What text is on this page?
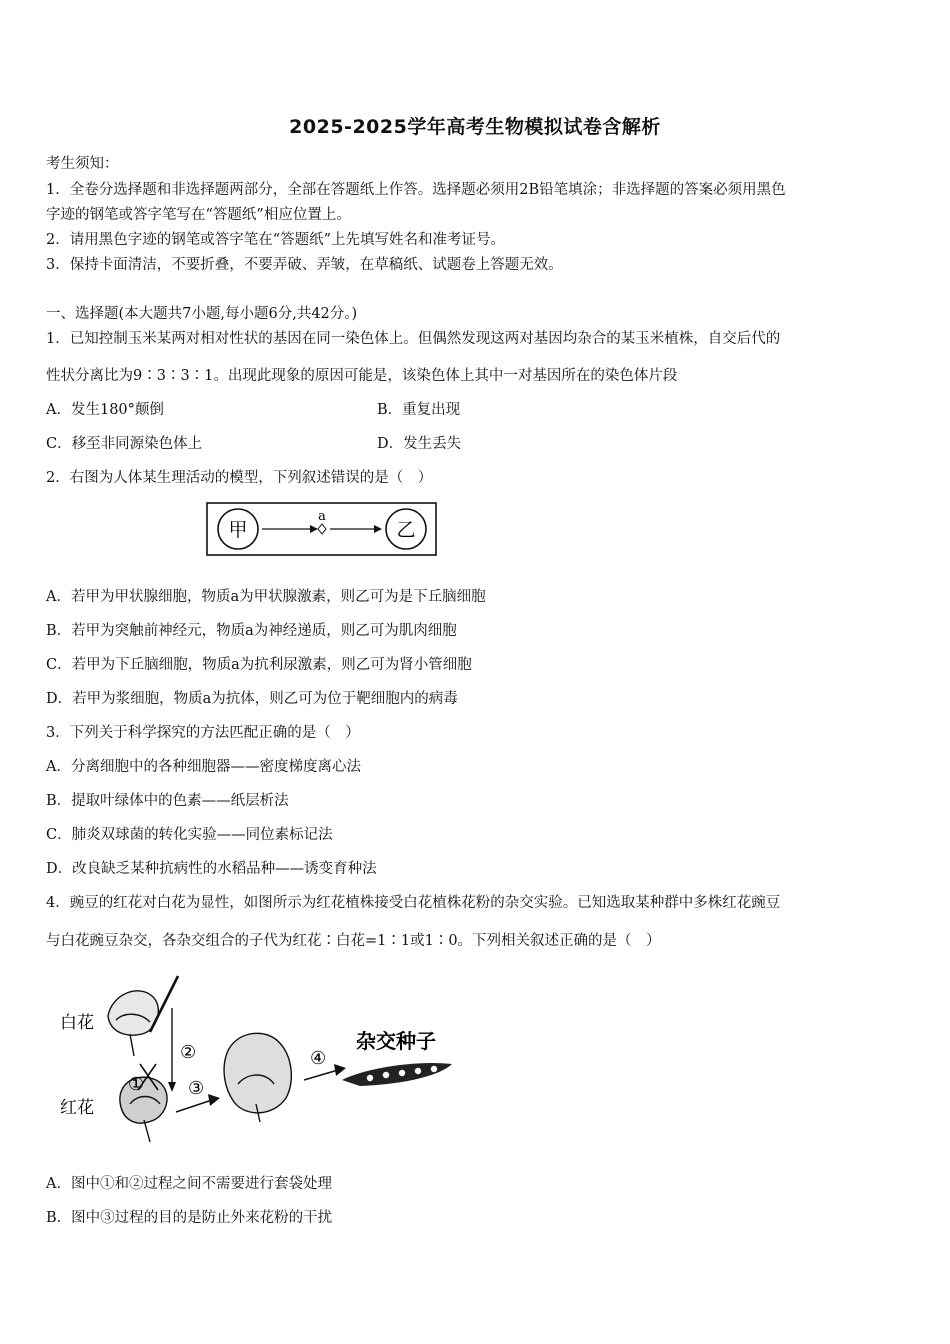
2025-2025学年高考生物模拟试卷含解析
考生须知：
1．全卷分选择题和非选择题两部分，全部在答题纸上作答。选择题必须用2B铅笔填涂；非选择题的答案必须用黑色
字迹的钢笔或答字笔写在“答题纸”相应位置上。
2．请用黑色字迹的钢笔或答字笔在“答题纸”上先填写姓名和准考证号。
3．保持卡面清洁，不要折叠，不要弄破、弄皱，在草稿纸、试题卷上答题无效。
一、选择题(本大题共7小题,每小题6分,共42分。)
1．已知控制玉米某两对相对性状的基因在同一染色体上。但偶然发现这两对基因均杂合的某玉米植株，自交后代的
性状分离比为9∶3∶3∶1。出现此现象的原因可能是，该染色体上其中一对基因所在的染色体片段
A．发生180°颠倒	B．重复出现
C．移至非同源染色体上	D．发生丢失
2．右图为人体某生理活动的模型，下列叙述错误的是（　）
甲
a
乙
A．若甲为甲状腺细胞，物质a为甲状腺激素，则乙可为是下丘脑细胞
B．若甲为突触前神经元，物质a为神经递质，则乙可为肌肉细胞
C．若甲为下丘脑细胞，物质a为抗利尿激素，则乙可为肾小管细胞
D．若甲为浆细胞，物质a为抗体，则乙可为位于靶细胞内的病毒
3．下列关于科学探究的方法匹配正确的是（　）
A．分离细胞中的各种细胞器——密度梯度离心法
B．提取叶绿体中的色素——纸层析法
C．肺炎双球菌的转化实验——同位素标记法
D．改良缺乏某种抗病性的水稻品种——诱变育种法
4．豌豆的红花对白花为显性，如图所示为红花植株接受白花植株花粉的杂交实验。已知选取某种群中多株红花豌豆
与白花豌豆杂交，各杂交组合的子代为红花∶白花=1∶1或1∶0。下列相关叙述正确的是（　）
白花
红花
①
②
③
④
杂交种子
A．图中①和②过程之间不需要进行套袋处理
B．图中③过程的目的是防止外来花粉的干扰
